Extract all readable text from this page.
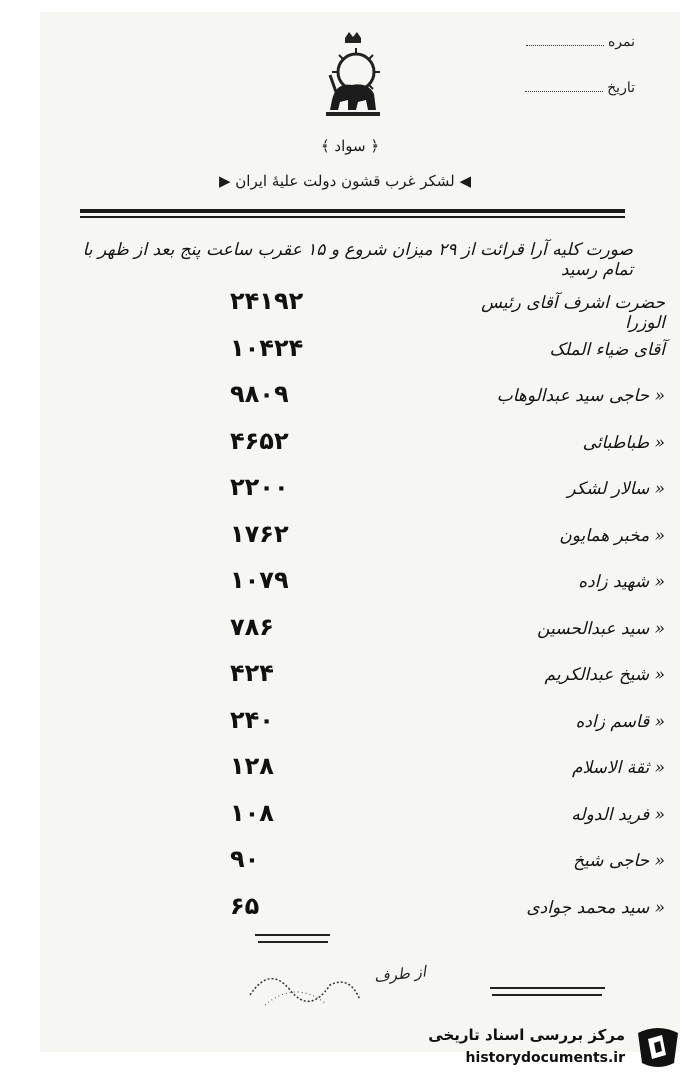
نمره
تاریخ
﴿ سواد ﴾
◀ لشکر غرب قشون دولت علیهٔ ایران ▶
صورت کلیه آرا قرائت از ۲۹ میزان شروع و ۱۵ عقرب ساعت پنج بعد از ظهر با تمام رسید
حضرت اشرف آقای رئیس الوزرا
۲۴۱۹۲
آقای ضیاء الملک
۱۰۴۲۴
« حاجی سید عبدالوهاب
۹۸۰۹
« طباطبائی
۴۶۵۲
« سالار لشکر
۲۲۰۰
« مخبر همایون
۱۷۶۲
« شهید زاده
۱۰۷۹
« سید عبدالحسین
۷۸۶
« شیخ عبدالکریم
۴۲۴
« قاسم زاده
۲۴۰
« ثقة الاسلام
۱۲۸
« فرید الدوله
۱۰۸
« حاجی شیخ
۹۰
« سید محمد جوادی
۶۵
از طرف
مرکز بررسی اسناد تاریخی
historydocuments.ir
